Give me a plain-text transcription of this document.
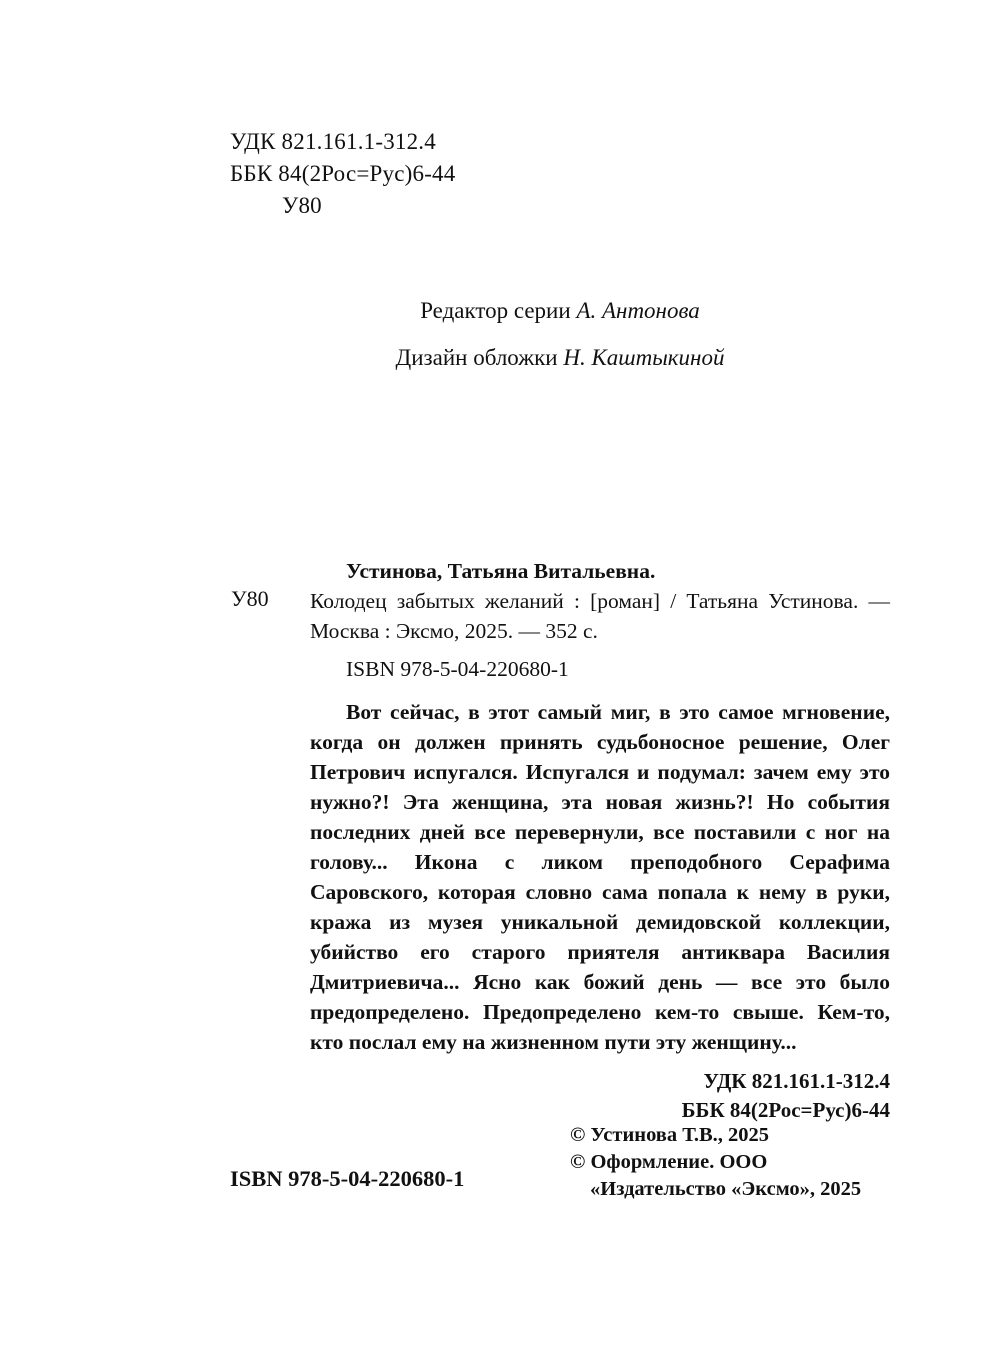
УДК 821.161.1-312.4
ББК 84(2Рос=Рус)6-44
У80
Редактор серии А. Антонова
Дизайн обложки Н. Каштыкиной
У80
Устинова, Татьяна Витальевна.
Колодец забытых желаний : [роман] / Татьяна Устинова. — Москва : Эксмо, 2025. — 352 с.
ISBN 978-5-04-220680-1
Вот сейчас, в этот самый миг, в это самое мгновение, когда он должен принять судьбоносное решение, Олег Петрович испугался. Испугался и подумал: зачем ему это нужно?! Эта женщина, эта новая жизнь?! Но события последних дней все перевернули, все поставили с ног на голову... Икона с ликом преподобного Серафима Саровского, которая словно сама попала к нему в руки, кража из музея уникальной демидовской коллекции, убийство его старого приятеля антиквара Василия Дмитриевича... Ясно как божий день — все это было предопределено. Предопределено кем-то свыше. Кем-то, кто послал ему на жизненном пути эту женщину...
УДК 821.161.1-312.4
ББК 84(2Рос=Рус)6-44

© Устинова Т.В., 2025

© Оформление. ООО «Издательство «Эксмо», 2025

ISBN 978-5-04-220680-1
